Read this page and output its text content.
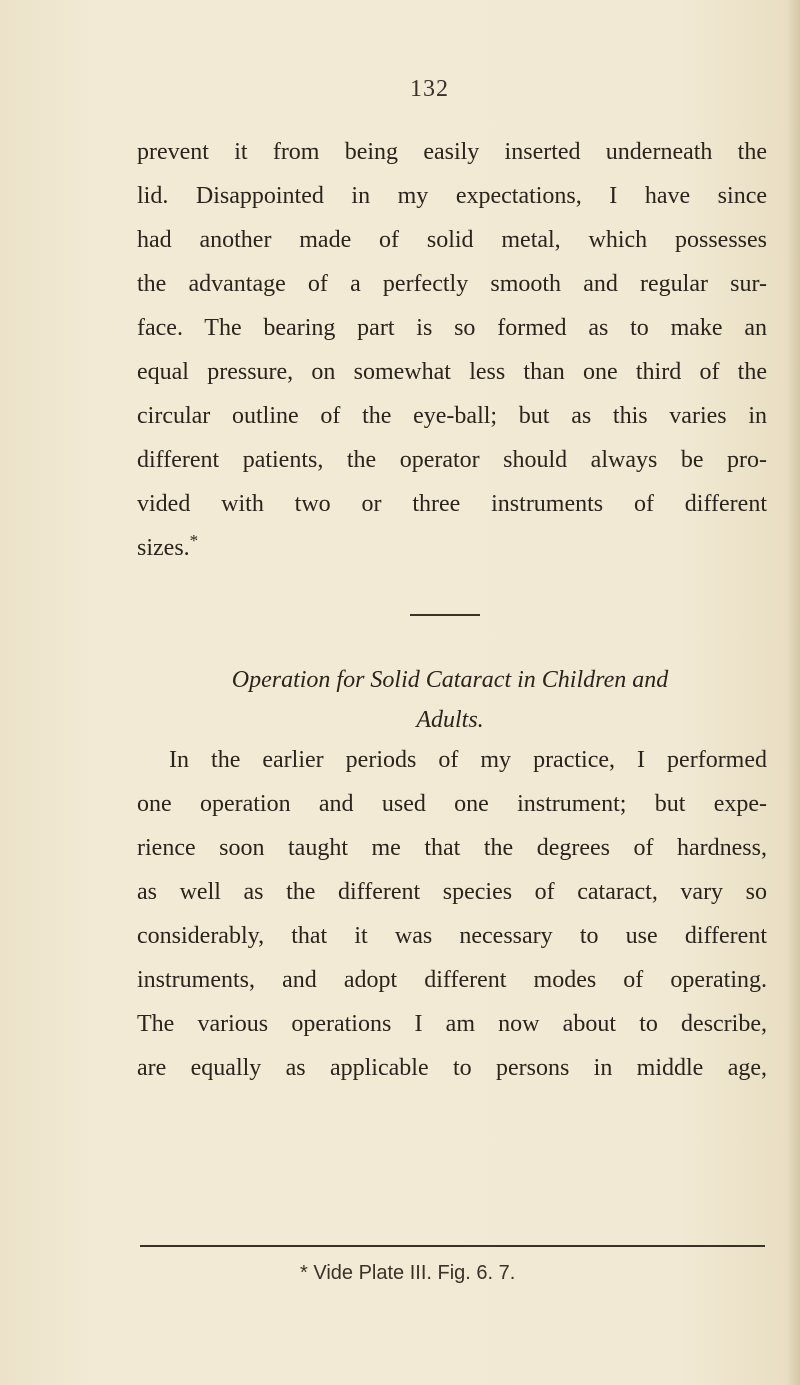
132
prevent it from being easily inserted underneath the
lid. Disappointed in my expectations, I have since
had another made of solid metal, which possesses
the advantage of a perfectly smooth and regular sur-
face. The bearing part is so formed as to make an
equal pressure, on somewhat less than one third of the
circular outline of the eye-ball; but as this varies in
different patients, the operator should always be pro-
vided with two or three instruments of different
sizes.*
Operation for Solid Cataract in Children and
Adults.
In the earlier periods of my practice, I performed
one operation and used one instrument; but expe-
rience soon taught me that the degrees of hardness,
as well as the different species of cataract, vary so
considerably, that it was necessary to use different
instruments, and adopt different modes of operating.
The various operations I am now about to describe,
are equally as applicable to persons in middle age,
* Vide Plate III. Fig. 6. 7.
